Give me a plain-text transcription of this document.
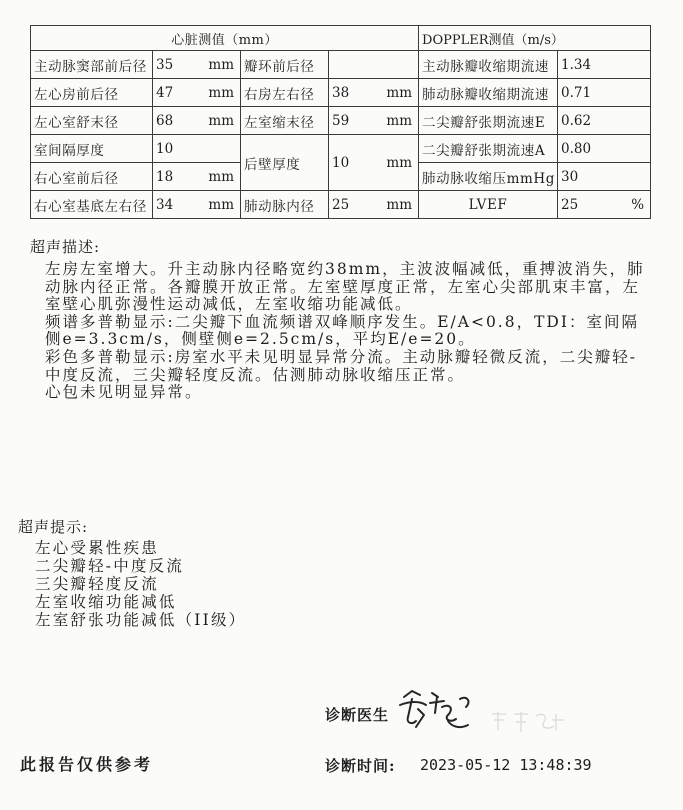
心脏测值（mm）				DOPPLER测值（m/s）	
主动脉窦部前后径	35 mm	瓣环前后径		主动脉瓣收缩期流速	1.34

左心房前后径	47 mm	右房左右径	38 mm	肺动脉瓣收缩期流速	0.71

左心室舒末径	68 mm	左室缩末径	59 mm	二尖瓣舒张期流速E	0.62

室间隔厚度	10	后壁厚度	10 mm	二尖瓣舒张期流速A	0.80

右心室前后径	18 mm			肺动脉收缩压mmHg	30

右心室基底左右径	34 mm	肺动脉内径	25 mm	LVEF	25 %
超声描述:
左房左室增大。升主动脉内径略宽约38mm，主波波幅减低，重搏波消失，肺
动脉内径正常。各瓣膜开放正常。左室壁厚度正常，左室心尖部肌束丰富，左
室壁心肌弥漫性运动减低，左室收缩功能减低。
频谱多普勒显示:二尖瓣下血流频谱双峰顺序发生。E/A<0.8，TDI：室间隔
侧e=3.3cm/s，侧壁侧e=2.5cm/s，平均E/e=20。
彩色多普勒显示:房室水平未见明显异常分流。主动脉瓣轻微反流，二尖瓣轻-
中度反流，三尖瓣轻度反流。估测肺动脉收缩压正常。
心包未见明显异常。
超声提示:
左心受累性疾患
二尖瓣轻-中度反流
三尖瓣轻度反流
左室收缩功能减低
左室舒张功能减低（II级）
诊断医生
此报告仅供参考	诊断时间: 2023-05-12 13:48:39
